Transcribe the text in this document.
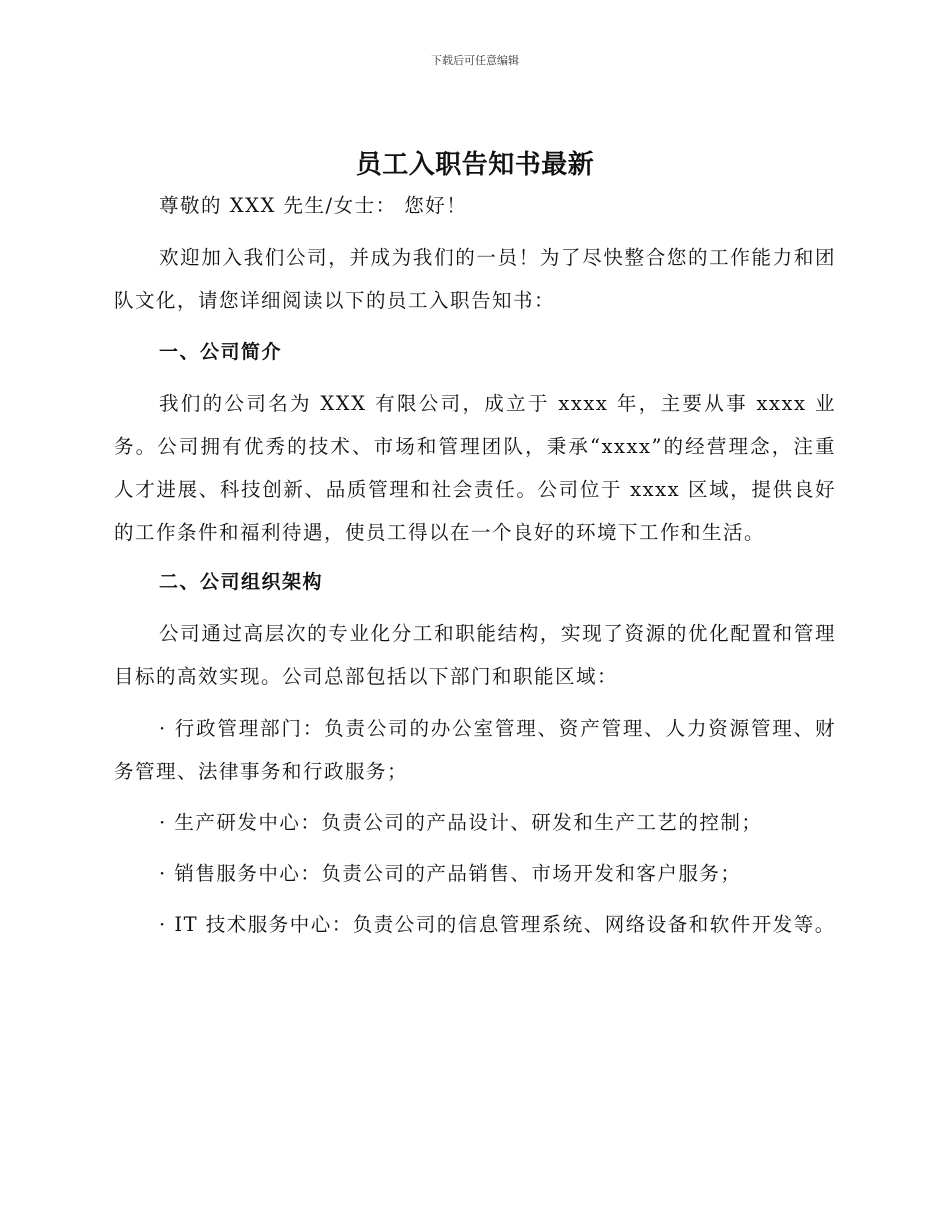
下载后可任意编辑
员工入职告知书最新

尊敬的 XXX 先生/女士： 您好！

欢迎加入我们公司，并成为我们的一员！为了尽快整合您的工作能力和团队文化，请您详细阅读以下的员工入职告知书：

一、公司简介

我们的公司名为 XXX 有限公司，成立于 xxxx 年，主要从事 xxxx 业务。公司拥有优秀的技术、市场和管理团队，秉承“xxxx”的经营理念，注重人才进展、科技创新、品质管理和社会责任。公司位于 xxxx 区域，提供良好的工作条件和福利待遇，使员工得以在一个良好的环境下工作和生活。

二、公司组织架构

公司通过高层次的专业化分工和职能结构，实现了资源的优化配置和管理目标的高效实现。公司总部包括以下部门和职能区域：

· 行政管理部门：负责公司的办公室管理、资产管理、人力资源管理、财务管理、法律事务和行政服务；

· 生产研发中心：负责公司的产品设计、研发和生产工艺的控制；

· 销售服务中心：负责公司的产品销售、市场开发和客户服务；

· IT 技术服务中心：负责公司的信息管理系统、网络设备和软件开发等。
